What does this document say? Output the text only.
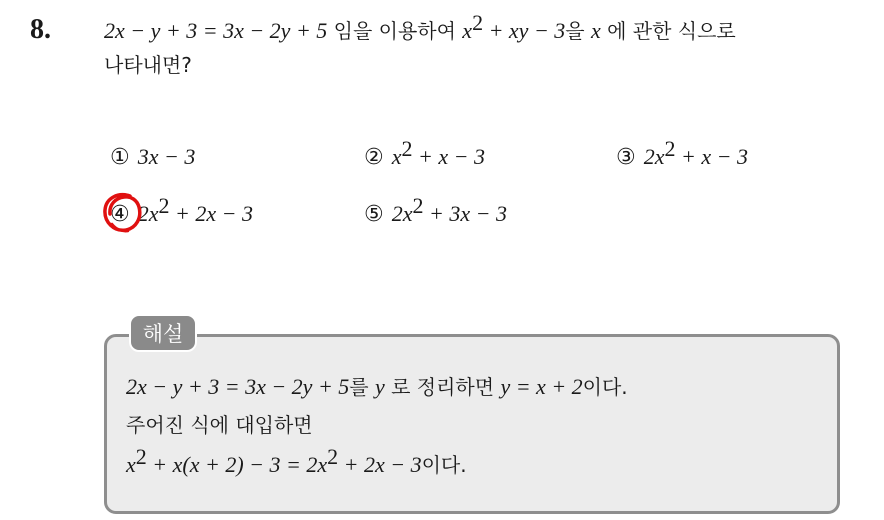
8. 2x − y + 3 = 3x − 2y + 5 임을 이용하여 $x^2$ + xy − 3을 x 에 관한 식으로
나타내면?
① 3x − 3	② $x^2 + x - 3$	③ $2x^2 + x - 3$
④ $2x^2 + 2x - 3$	⑤ $2x^2 + 3x - 3$
해설
2x − y + 3 = 3x − 2y + 5를 y 로 정리하면 y = x + 2이다.
주어진 식에 대입하면
$x^2 + x(x + 2) - 3 = 2x^2 + 2x - 3$이다.
